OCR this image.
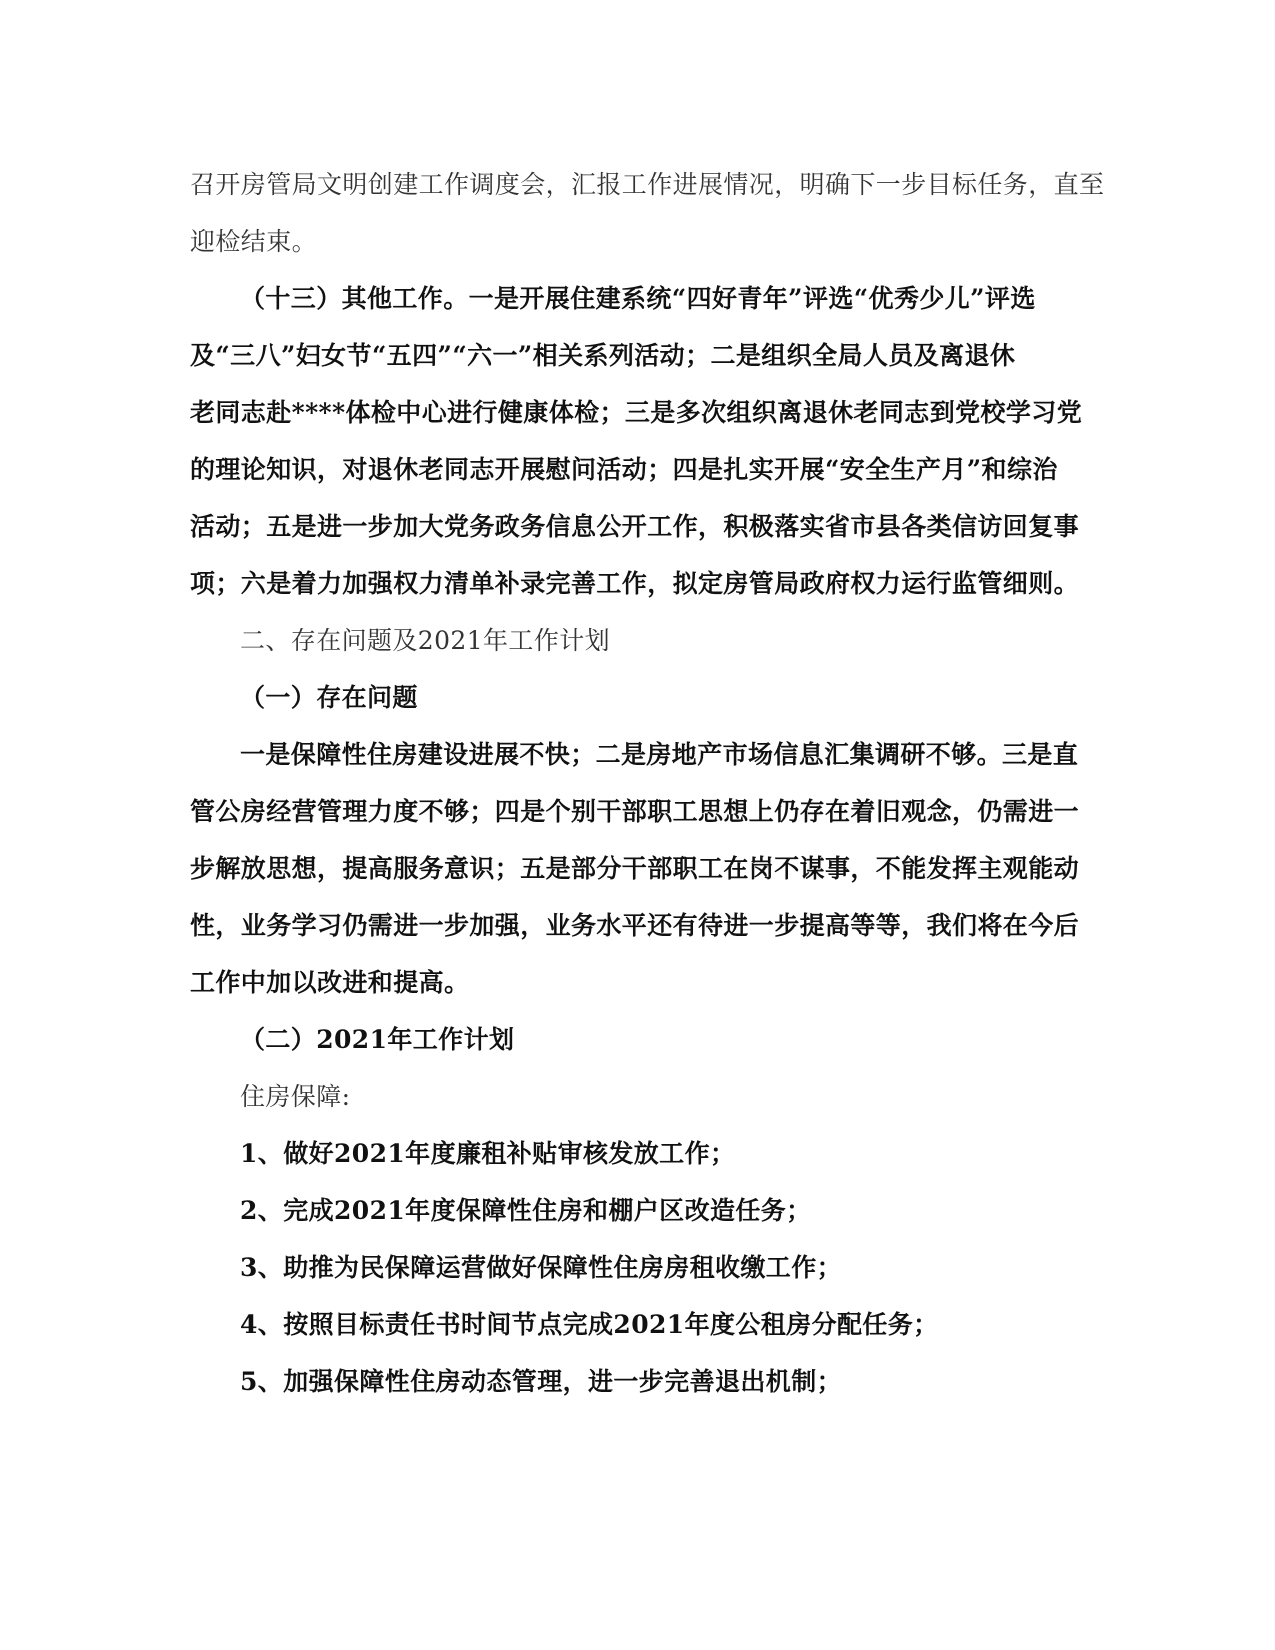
召开房管局文明创建工作调度会，汇报工作进展情况，明确下一步目标任务，直至
迎检结束。
（十三）其他工作。一是开展住建系统“四好青年”评选“优秀少儿”评选
及“三八”妇女节“五四”“六一”相关系列活动；二是组织全局人员及离退休
老同志赴****体检中心进行健康体检；三是多次组织离退休老同志到党校学习党
的理论知识，对退休老同志开展慰问活动；四是扎实开展“安全生产月”和综治
活动；五是进一步加大党务政务信息公开工作，积极落实省市县各类信访回复事
项；六是着力加强权力清单补录完善工作，拟定房管局政府权力运行监管细则。
二、存在问题及2021年工作计划
（一）存在问题
一是保障性住房建设进展不快；二是房地产市场信息汇集调研不够。三是直
管公房经营管理力度不够；四是个别干部职工思想上仍存在着旧观念，仍需进一
步解放思想，提高服务意识；五是部分干部职工在岗不谋事，不能发挥主观能动
性，业务学习仍需进一步加强，业务水平还有待进一步提高等等，我们将在今后
工作中加以改进和提高。
（二）2021年工作计划
住房保障:
1、做好2021年度廉租补贴审核发放工作；
2、完成2021年度保障性住房和棚户区改造任务；
3、助推为民保障运营做好保障性住房房租收缴工作；
4、按照目标责任书时间节点完成2021年度公租房分配任务；
5、加强保障性住房动态管理，进一步完善退出机制；
